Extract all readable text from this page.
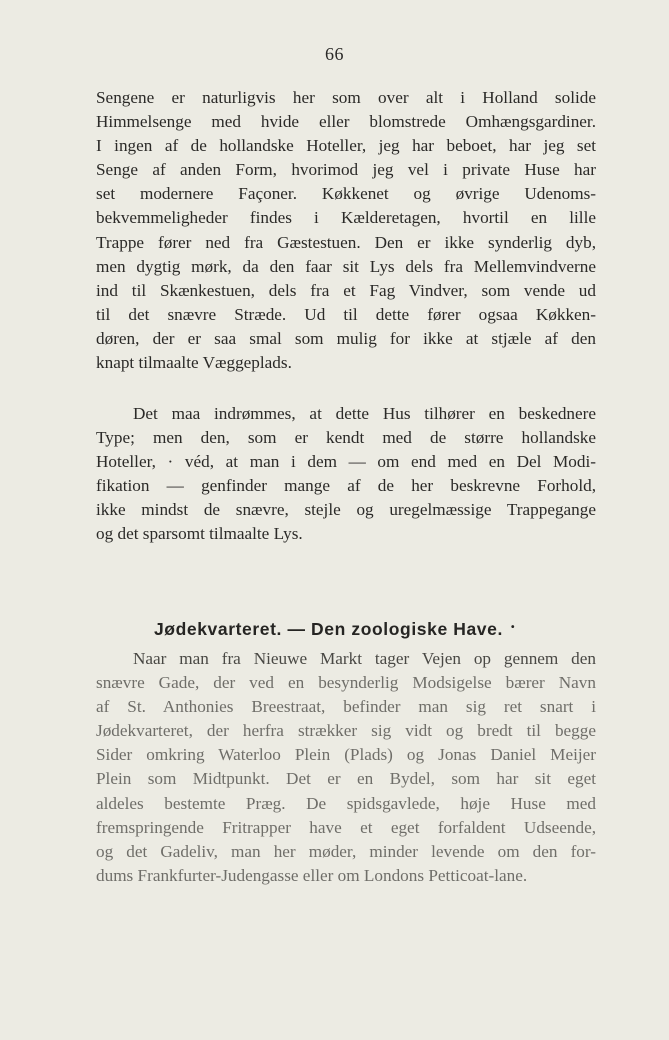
66
Sengene er naturligvis her som over alt i Holland solide
Himmelsenge med hvide eller blomstrede Omhængsgardiner.
I ingen af de hollandske Hoteller, jeg har beboet, har jeg set
Senge af anden Form, hvorimod jeg vel i private Huse har
set modernere Façoner. Køkkenet og øvrige Udenoms-
bekvemmeligheder findes i Kælderetagen, hvortil en lille
Trappe fører ned fra Gæstestuen. Den er ikke synderlig dyb,
men dygtig mørk, da den faar sit Lys dels fra Mellemvindverne
ind til Skænkestuen, dels fra et Fag Vindver, som vende ud
til det snævre Stræde. Ud til dette fører ogsaa Køkken-
døren, der er saa smal som mulig for ikke at stjæle af den
knapt tilmaalte Væggeplads.
Det maa indrømmes, at dette Hus tilhører en beskednere
Type; men den, som er kendt med de større hollandske
Hoteller, · véd, at man i dem — om end med en Del Modi-
fikation — genfinder mange af de her beskrevne Forhold,
ikke mindst de snævre, stejle og uregelmæssige Trappegange
og det sparsomt tilmaalte Lys.
Jødekvarteret. — Den zoologiske Have. •
Naar man fra Nieuwe Markt tager Vejen op gennem den
snævre Gade, der ved en besynderlig Modsigelse bærer Navn
af St. Anthonies Breestraat, befinder man sig ret snart i
Jødekvarteret, der herfra strækker sig vidt og bredt til begge
Sider omkring Waterloo Plein (Plads) og Jonas Daniel Meijer
Plein som Midtpunkt. Det er en Bydel, som har sit eget
aldeles bestemte Præg. De spidsgavlede, høje Huse med
fremspringende Fritrapper have et eget forfaldent Udseende,
og det Gadeliv, man her møder, minder levende om den for-
dums Frankfurter-Judengasse eller om Londons Petticoat-lane.
